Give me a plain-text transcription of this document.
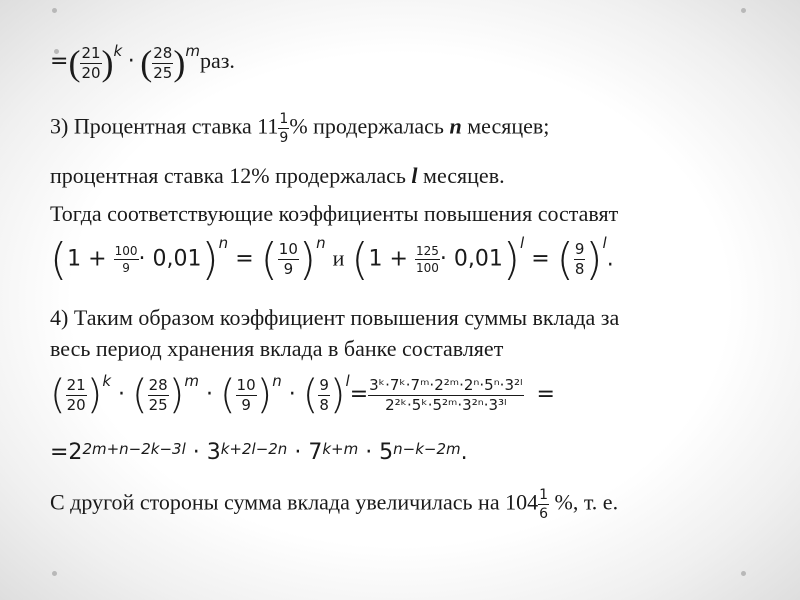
=( $\frac{21}{20} )^k$ · ( $\frac{28}{25} )^mраз$.
3) Процентная ставка $11 \frac{1}{9}$ % продержалась n месяцев;
процентная ставка 12% продержалась l месяцев.
Тогда соответствующие коэффициенты повышения составят
$(1 + \frac{100}{9} \cdot 0,01)^n$ = ( $\frac{10}{9} )^n$ и $(1 + \frac{125}{100} \cdot 0,01)^l$ = ( $\frac{9}{8} )^l$.
4) Таким образом коэффициент повышения суммы вклада за
весь период хранения вклада в банке составляет
( $\frac{21}{20} )^k$ · ( $\frac{28}{25} )^m$ · ( $\frac{10}{9} )^n$ · ( $\frac{9}{8} )^l= \frac{\text{3ᵏ·7ᵏ·7ᵐ·2²ᵐ·2ⁿ·5ⁿ·3²ˡ}}{\text{2²ᵏ·5ᵏ·5²ᵐ·3²ⁿ·3³ˡ}}$ =
$=2^{2m+n-2k-3l} \cdot 3^{k+2l-2n} \cdot 7^{k+m} \cdot 5^{n-k-2m}$.
С другой стороны сумма вклада увеличилась на $104 \frac{1}{6}$ %, т. е.
